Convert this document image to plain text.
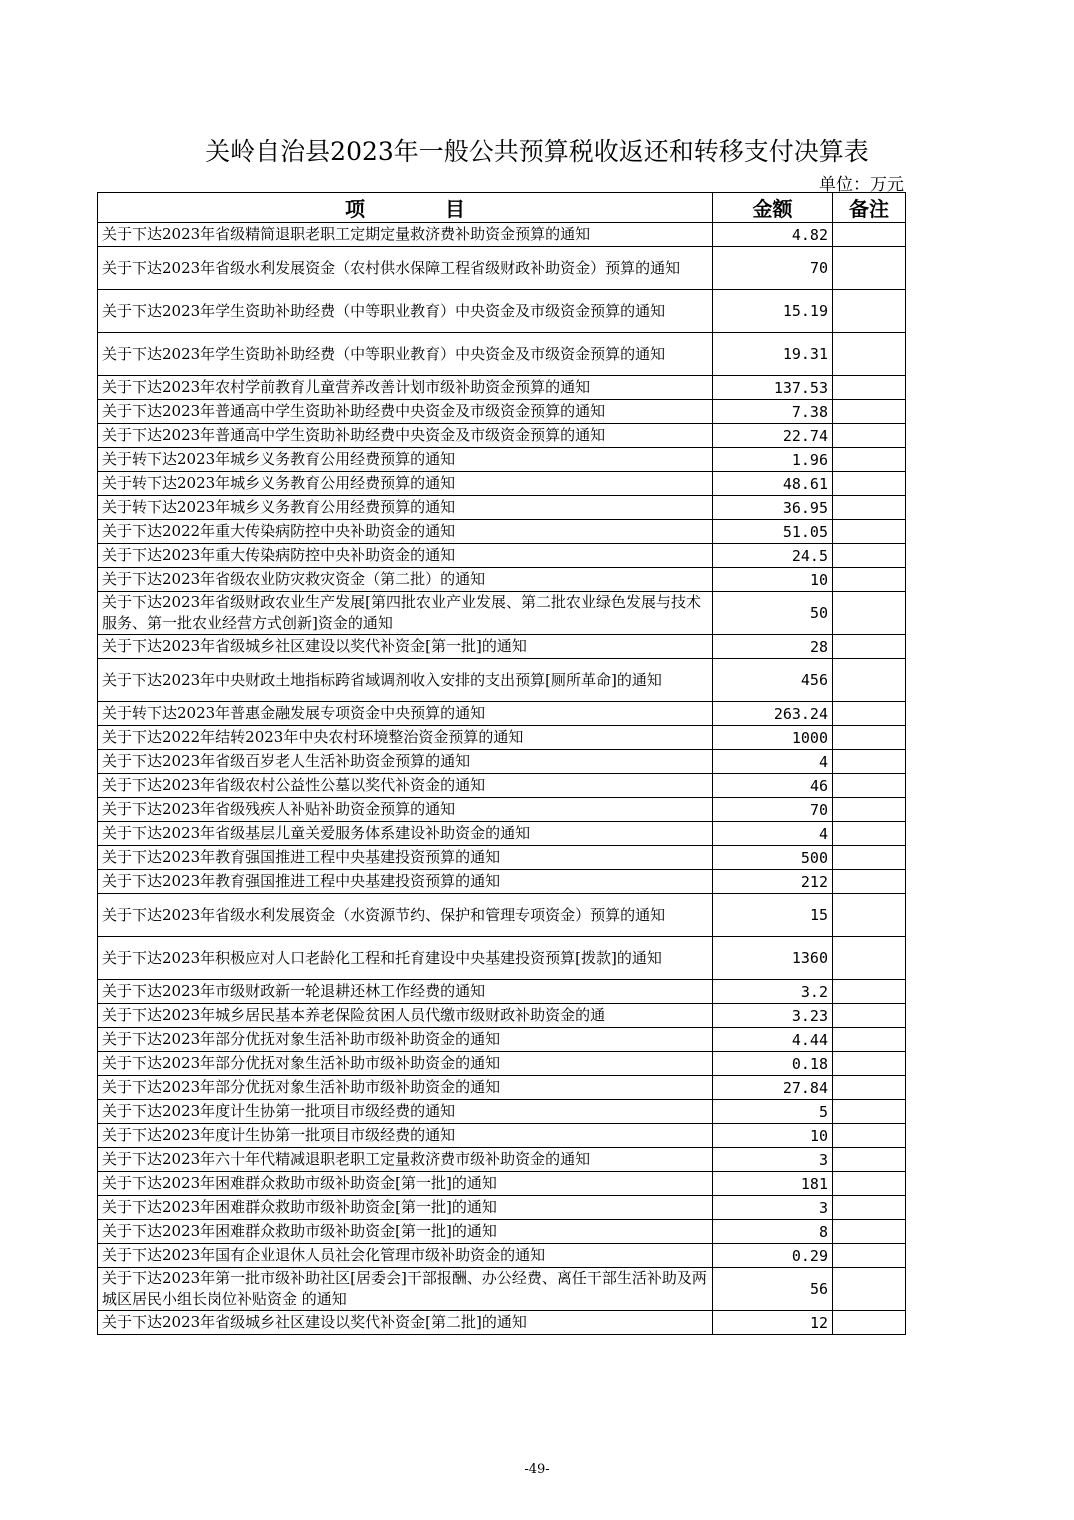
关岭自治县2023年一般公共预算税收返还和转移支付决算表
单位：万元
项　　　　目	金额	备注
关于下达2023年省级精简退职老职工定期定量救济费补助资金预算的通知	4.82	
关于下达2023年省级水利发展资金（农村供水保障工程省级财政补助资金）预算的通知	70	
关于下达2023年学生资助补助经费（中等职业教育）中央资金及市级资金预算的通知	15.19	
关于下达2023年学生资助补助经费（中等职业教育）中央资金及市级资金预算的通知	19.31	
关于下达2023年农村学前教育儿童营养改善计划市级补助资金预算的通知	137.53	
关于下达2023年普通高中学生资助补助经费中央资金及市级资金预算的通知	7.38	
关于下达2023年普通高中学生资助补助经费中央资金及市级资金预算的通知	22.74	
关于转下达2023年城乡义务教育公用经费预算的通知	1.96	
关于转下达2023年城乡义务教育公用经费预算的通知	48.61	
关于转下达2023年城乡义务教育公用经费预算的通知	36.95	
关于下达2022年重大传染病防控中央补助资金的通知	51.05	
关于下达2023年重大传染病防控中央补助资金的通知	24.5	
关于下达2023年省级农业防灾救灾资金（第二批）的通知	10	
关于下达2023年省级财政农业生产发展[第四批农业产业发展、第二批农业绿色发展与技术服务、第一批农业经营方式创新]资金的通知	50	
关于下达2023年省级城乡社区建设以奖代补资金[第一批]的通知	28	
关于下达2023年中央财政土地指标跨省域调剂收入安排的支出预算[厕所革命]的通知	456	
关于转下达2023年普惠金融发展专项资金中央预算的通知	263.24	
关于下达2022年结转2023年中央农村环境整治资金预算的通知	1000	
关于下达2023年省级百岁老人生活补助资金预算的通知	4	
关于下达2023年省级农村公益性公墓以奖代补资金的通知	46	
关于下达2023年省级残疾人补贴补助资金预算的通知	70	
关于下达2023年省级基层儿童关爱服务体系建设补助资金的通知	4	
关于下达2023年教育强国推进工程中央基建投资预算的通知	500	
关于下达2023年教育强国推进工程中央基建投资预算的通知	212	
关于下达2023年省级水利发展资金（水资源节约、保护和管理专项资金）预算的通知	15	
关于下达2023年积极应对人口老龄化工程和托育建设中央基建投资预算[拨款]的通知	1360	
关于下达2023年市级财政新一轮退耕还林工作经费的通知	3.2	
关于下达2023年城乡居民基本养老保险贫困人员代缴市级财政补助资金的通	3.23	
关于下达2023年部分优抚对象生活补助市级补助资金的通知	4.44	
关于下达2023年部分优抚对象生活补助市级补助资金的通知	0.18	
关于下达2023年部分优抚对象生活补助市级补助资金的通知	27.84	
关于下达2023年度计生协第一批项目市级经费的通知	5	
关于下达2023年度计生协第一批项目市级经费的通知	10	
关于下达2023年六十年代精减退职老职工定量救济费市级补助资金的通知	3	
关于下达2023年困难群众救助市级补助资金[第一批]的通知	181	
关于下达2023年困难群众救助市级补助资金[第一批]的通知	3	
关于下达2023年困难群众救助市级补助资金[第一批]的通知	8	
关于下达2023年国有企业退休人员社会化管理市级补助资金的通知	0.29	
关于下达2023年第一批市级补助社区[居委会]干部报酬、办公经费、离任干部生活补助及两城区居民小组长岗位补贴资金 的通知	56	
关于下达2023年省级城乡社区建设以奖代补资金[第二批]的通知	12	
-49-
